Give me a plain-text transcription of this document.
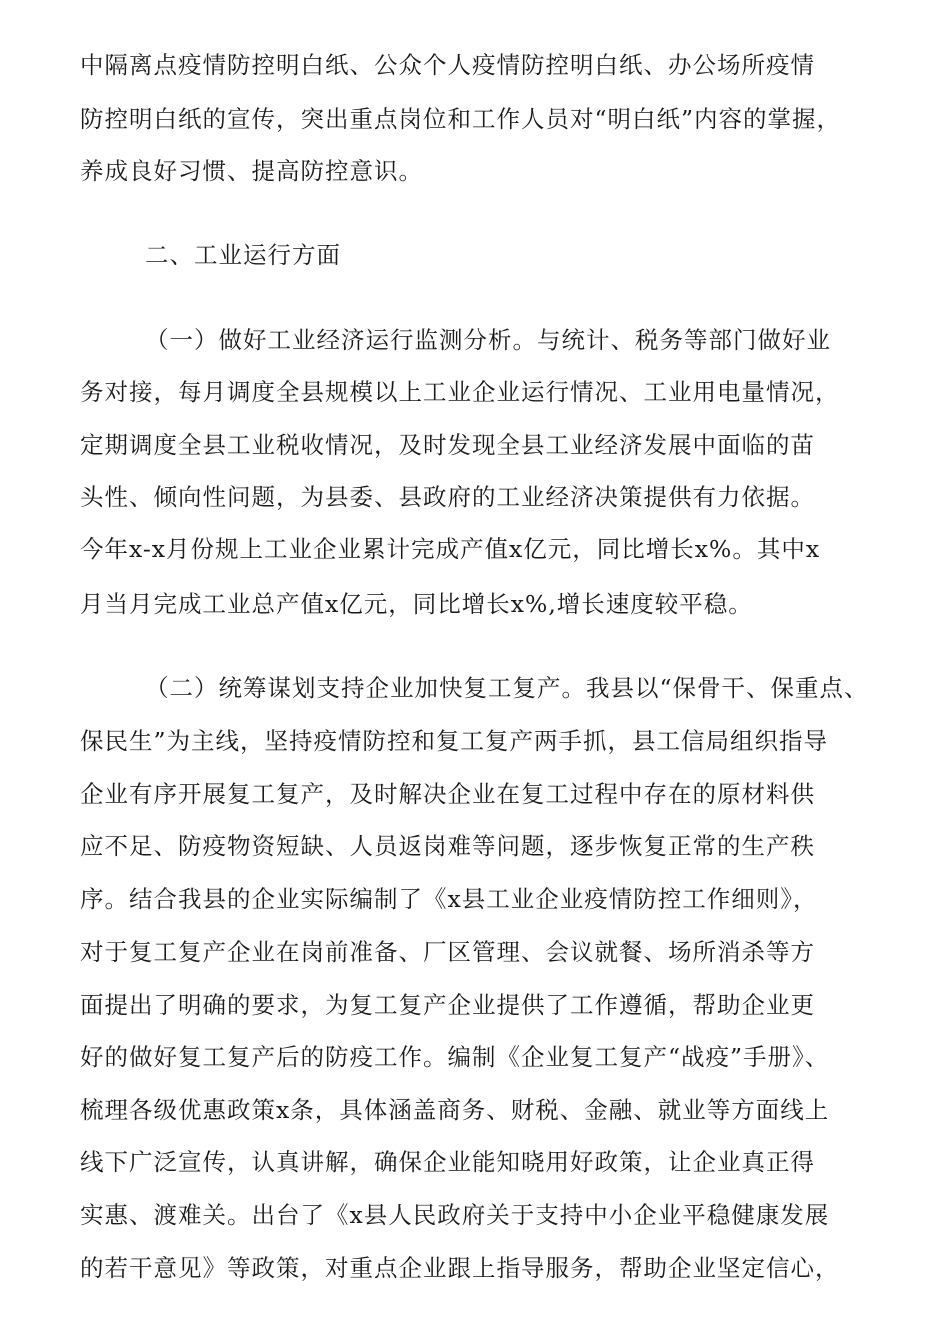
中隔离点疫情防控明白纸、公众个人疫情防控明白纸、办公场所疫情
防控明白纸的宣传，突出重点岗位和工作人员对“明白纸”内容的掌握，
养成良好习惯、提高防控意识。
二、工业运行方面
（一）做好工业经济运行监测分析。与统计、税务等部门做好业
务对接，每月调度全县规模以上工业企业运行情况、工业用电量情况，
定期调度全县工业税收情况，及时发现全县工业经济发展中面临的苗
头性、倾向性问题，为县委、县政府的工业经济决策提供有力依据。
今年x-x月份规上工业企业累计完成产值x亿元，同比增长x%。其中x
月当月完成工业总产值x亿元，同比增长x%,增长速度较平稳。
（二）统筹谋划支持企业加快复工复产。我县以“保骨干、保重点、
保民生”为主线，坚持疫情防控和复工复产两手抓，县工信局组织指导
企业有序开展复工复产，及时解决企业在复工过程中存在的原材料供
应不足、防疫物资短缺、人员返岗难等问题，逐步恢复正常的生产秩
序。结合我县的企业实际编制了《x县工业企业疫情防控工作细则》，
对于复工复产企业在岗前准备、厂区管理、会议就餐、场所消杀等方
面提出了明确的要求，为复工复产企业提供了工作遵循，帮助企业更
好的做好复工复产后的防疫工作。编制《企业复工复产“战疫”手册》、
梳理各级优惠政策x条，具体涵盖商务、财税、金融、就业等方面线上
线下广泛宣传，认真讲解，确保企业能知晓用好政策，让企业真正得
实惠、渡难关。出台了《x县人民政府关于支持中小企业平稳健康发展
的若干意见》等政策，对重点企业跟上指导服务，帮助企业坚定信心，
